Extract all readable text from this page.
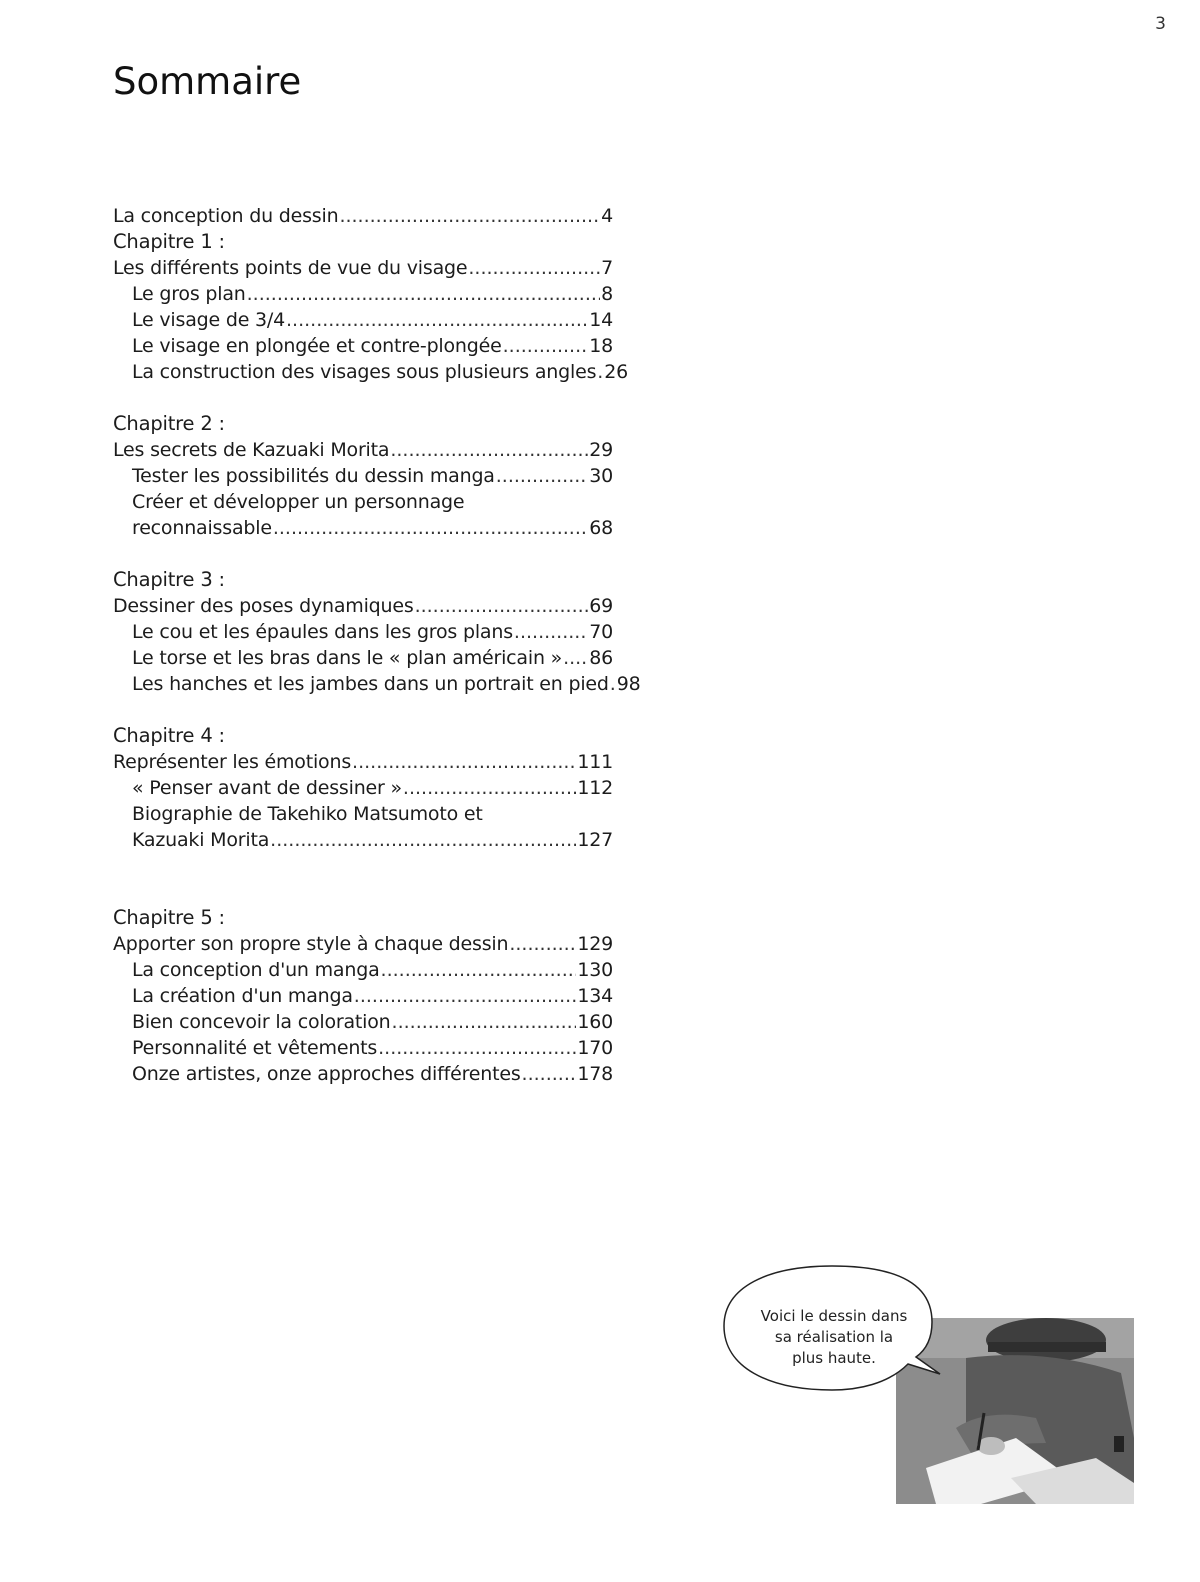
3
Sommaire
La conception du dessin .....	4
Chapitre 1 :
Les différents points de vue du visage .....	7
Le gros plan .....	8
Le visage de 3/4 .....	14
Le visage en plongée et contre-plongée .....	18
La construction des visages sous plusieurs angles ..... 26
Chapitre 2 :
Les secrets de Kazuaki Morita .....	29
Tester les possibilités du dessin manga .....	30
Créer et développer un personnage
reconnaissable .....	68
Chapitre 3 :
Dessiner des poses dynamiques .....	69
Le cou et les épaules dans les gros plans .....	70
Le torse et les bras dans le « plan américain » ..... 86
Les hanches et les jambes dans un portrait en pied ..... 98
Chapitre 4 :
Représenter les émotions .....	111
« Penser avant de dessiner » .....	112
Biographie de Takehiko Matsumoto et
Kazuaki Morita .....	127
Chapitre 5 :
Apporter son propre style à chaque dessin .....	129
La conception d'un manga .....	130
La création d'un manga .....	134
Bien concevoir la coloration .....	160
Personnalité et vêtements .....	170
Onze artistes, onze approches différentes .....	178
Voici le dessin dans
sa réalisation la
plus haute.
